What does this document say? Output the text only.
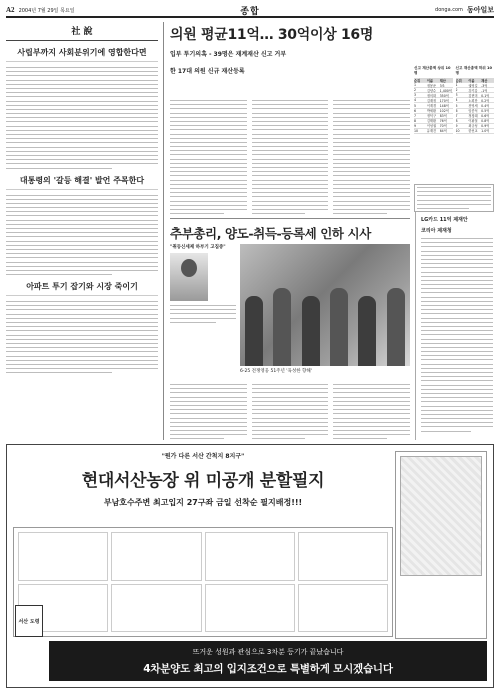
A2 2004년 7월 29일 목요일	종합	donga.com 동아일보
社 說
사립부까지 사회분위기에 영합한다면
대통령의 '갈등 해결' 발언 주목한다
아파트 투기 잡기와 시장 죽이기
의원 평균11억… 30억이상 16명
입부 투기의혹 - 39명은 재계재산 신고 거부
한 17대 의원 신규 재산등록	신고 재산총액 상위 10명
순위	이름	재산
1	정몽준	3조
2	김양수	1,400억
3	정의화	350억
4	김재정	170억
5	이계경	148억
6	박세환	102억
7	정덕구	83억
8	김태환	76억
9	이성권	70억
10	유재건	64억
신고 재산총액 하위 10명
순위	이름	재산
1	권영길	-3억
2	강기갑	-1억
3	김현미	0.1억
4	노회찬	0.2억
5	천영세	0.4억
6	임종석	0.5억
7	정청래	0.6억
8	이광철	0.8억
9	최규성	0.9억
10	한선교	1.0억
추부총리, 양도-취득-등록세 인하 시사
"취등신세제 하부기 고집중"
6-25 전쟁영웅 51주년 '육성한 향해'
LG카드 11억 제재안
코리아 제재청
"뭔가 다른 서산 간척지 8지구"
현대서산농장 위 미공개 분할필지
부남호수주변 최고입지 27구좌 금일 선착순 필지배정!!!
서산 도령
뜨거운 성원과 관심으로 3차분 등기가 끝났습니다
4차분양도 최고의 입지조건으로 특별하게 모시겠습니다
